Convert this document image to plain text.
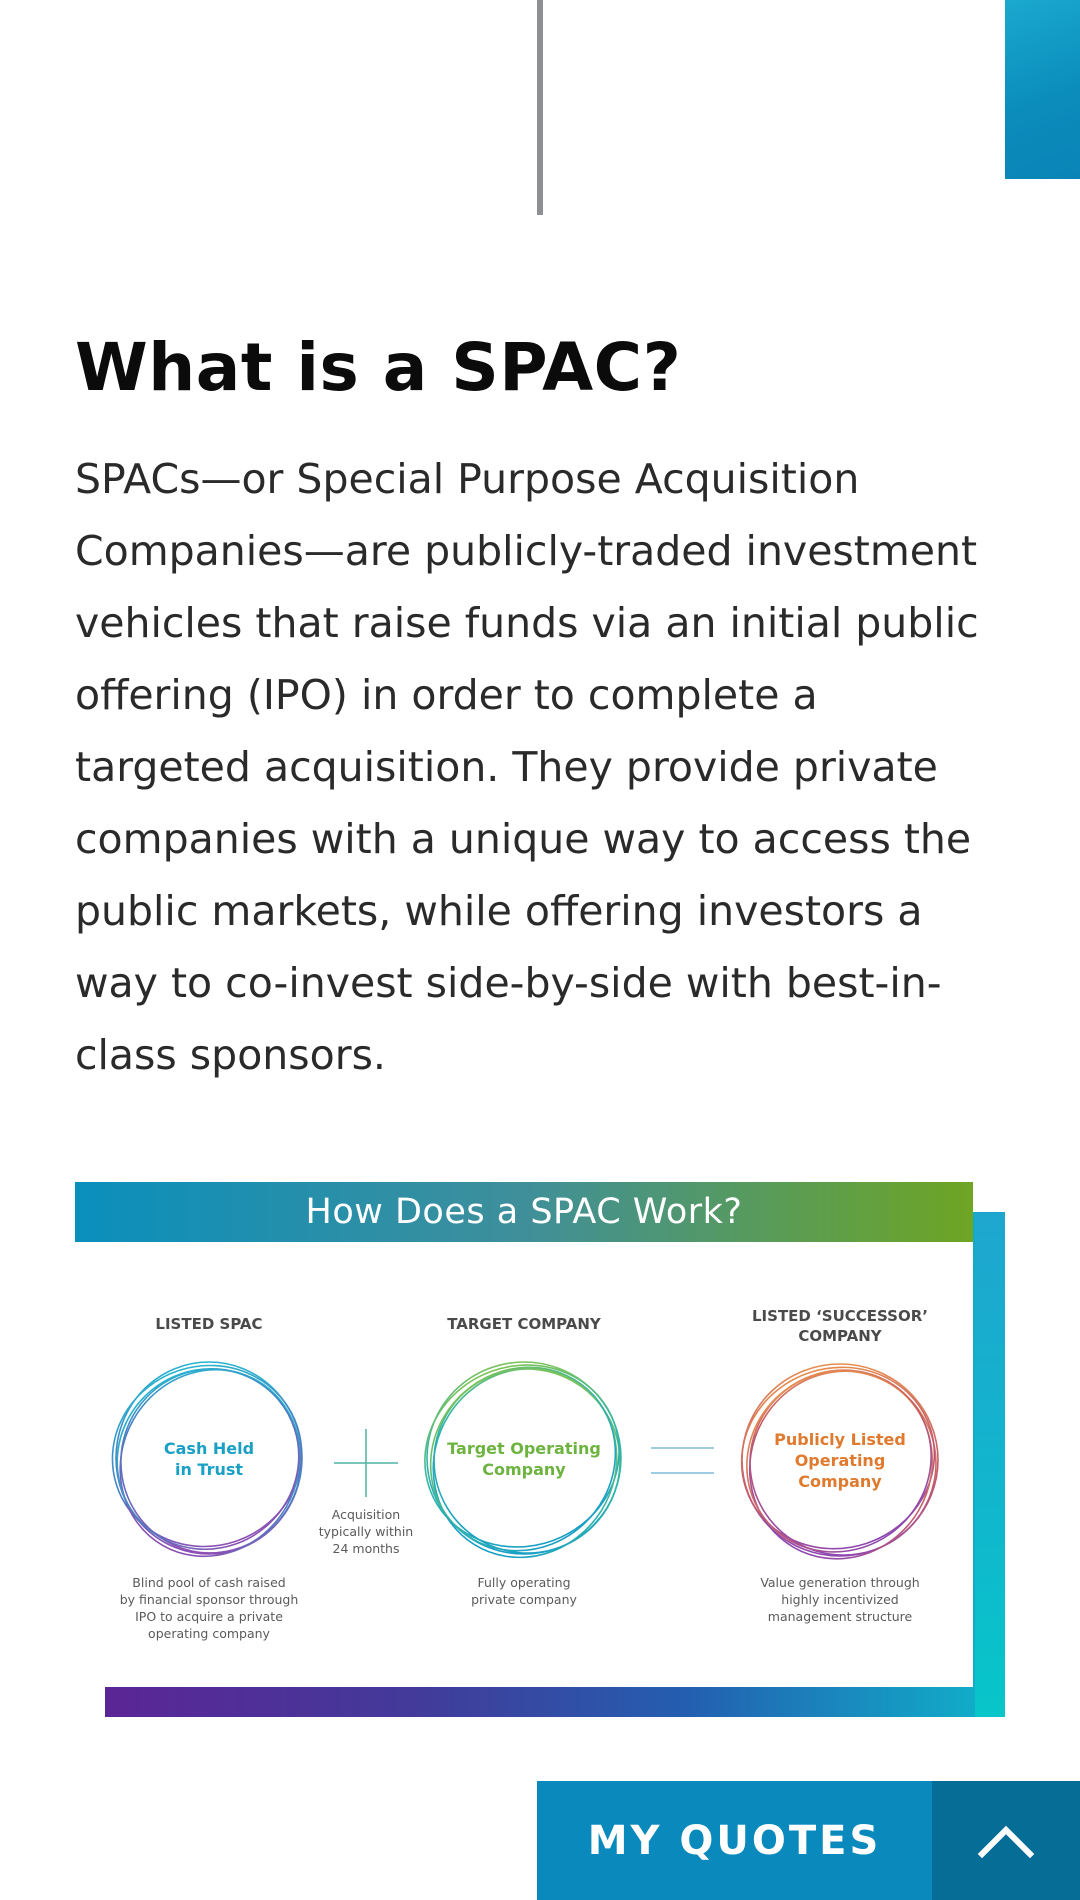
What is a SPAC?

SPACs—or Special Purpose Acquisition Companies—are publicly-traded investment vehicles that raise funds via an initial public offering (IPO) in order to complete a targeted acquisition. They provide private companies with a unique way to access the public markets, while offering investors a way to co-invest side-by-side with best-in-class sponsors.

How Does a SPAC Work?
LISTED SPAC	TARGET COMPANY	LISTED ‘SUCCESSOR’
COMPANY
Cash Held
in Trust
Target Operating
Company
Publicly Listed
Operating
Company
Acquisition
typically within
24 months
Blind pool of cash raised
by financial sponsor through
IPO to acquire a private
operating company
Fully operating
private company
Value generation through
highly incentivized
management structure
MY QUOTES
